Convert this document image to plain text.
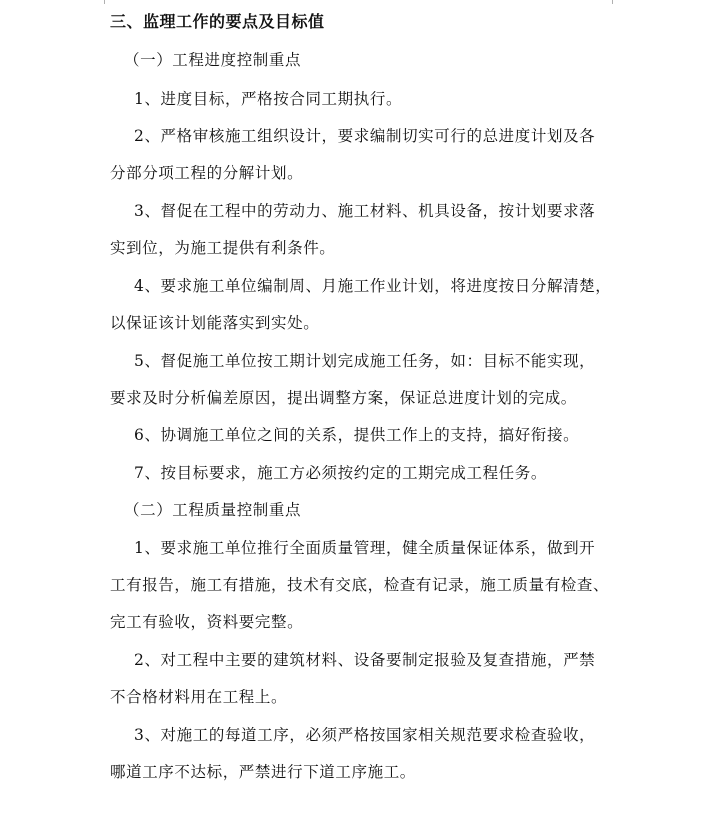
三、监理工作的要点及目标值
（一）工程进度控制重点
1、进度目标，严格按合同工期执行。
2、严格审核施工组织设计，要求编制切实可行的总进度计划及各
分部分项工程的分解计划。
3、督促在工程中的劳动力、施工材料、机具设备，按计划要求落
实到位，为施工提供有利条件。
4、要求施工单位编制周、月施工作业计划，将进度按日分解清楚，
以保证该计划能落实到实处。
5、督促施工单位按工期计划完成施工任务，如：目标不能实现，
要求及时分析偏差原因，提出调整方案，保证总进度计划的完成。
6、协调施工单位之间的关系，提供工作上的支持，搞好衔接。
7、按目标要求，施工方必须按约定的工期完成工程任务。
（二）工程质量控制重点
1、要求施工单位推行全面质量管理，健全质量保证体系，做到开
工有报告，施工有措施，技术有交底，检查有记录，施工质量有检查、
完工有验收，资料要完整。
2、对工程中主要的建筑材料、设备要制定报验及复查措施，严禁
不合格材料用在工程上。
3、对施工的每道工序，必须严格按国家相关规范要求检查验收，
哪道工序不达标，严禁进行下道工序施工。
